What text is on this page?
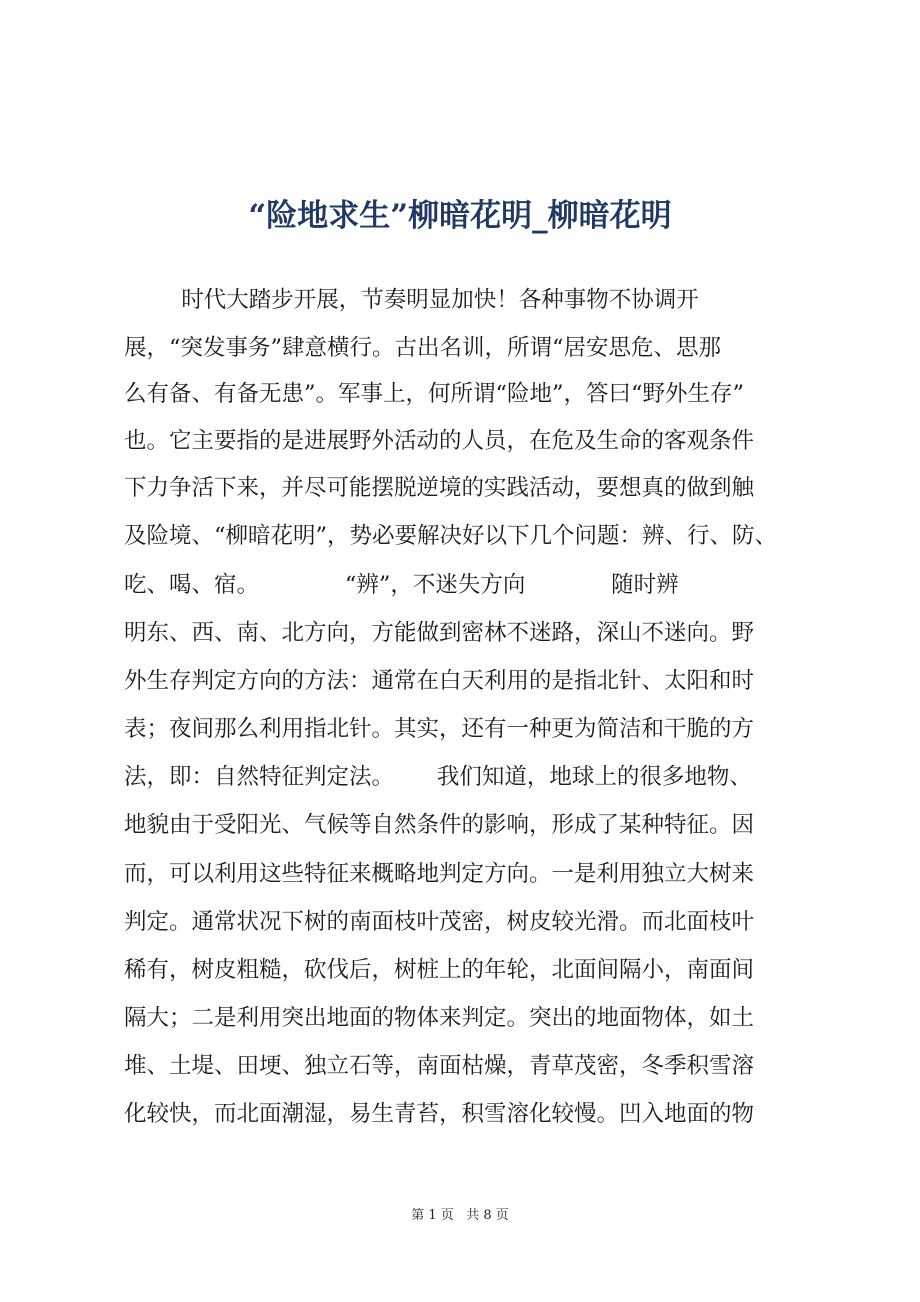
“险地求生”柳暗花明_柳暗花明

时代大踏步开展，节奏明显加快！各种事物不协调开

展，“突发事务”肆意横行。古出名训，所谓“居安思危、思那

么有备、有备无患”。军事上，何所谓“险地”，答曰“野外生存”

也。它主要指的是进展野外活动的人员，在危及生命的客观条件

下力争活下来，并尽可能摆脱逆境的实践活动，要想真的做到触

及险境、“柳暗花明”，势必要解决好以下几个问题：辨、行、防、

吃、喝、宿。            “辨”，不迷失方向            随时辨

明东、西、南、北方向，方能做到密林不迷路，深山不迷向。野

外生存判定方向的方法：通常在白天利用的是指北针、太阳和时

表；夜间那么利用指北针。其实，还有一种更为简洁和干脆的方

法，即：自然特征判定法。      我们知道，地球上的很多地物、

地貌由于受阳光、气候等自然条件的影响，形成了某种特征。因

而，可以利用这些特征来概略地判定方向。一是利用独立大树来

判定。通常状况下树的南面枝叶茂密，树皮较光滑。而北面枝叶

稀有，树皮粗糙，砍伐后，树桩上的年轮，北面间隔小，南面间

隔大；二是利用突出地面的物体来判定。突出的地面物体，如土

堆、土堤、田埂、独立石等，南面枯燥，青草茂密，冬季积雪溶

化较快，而北面潮湿，易生青苔，积雪溶化较慢。凹入地面的物

第 1 页   共 8 页
